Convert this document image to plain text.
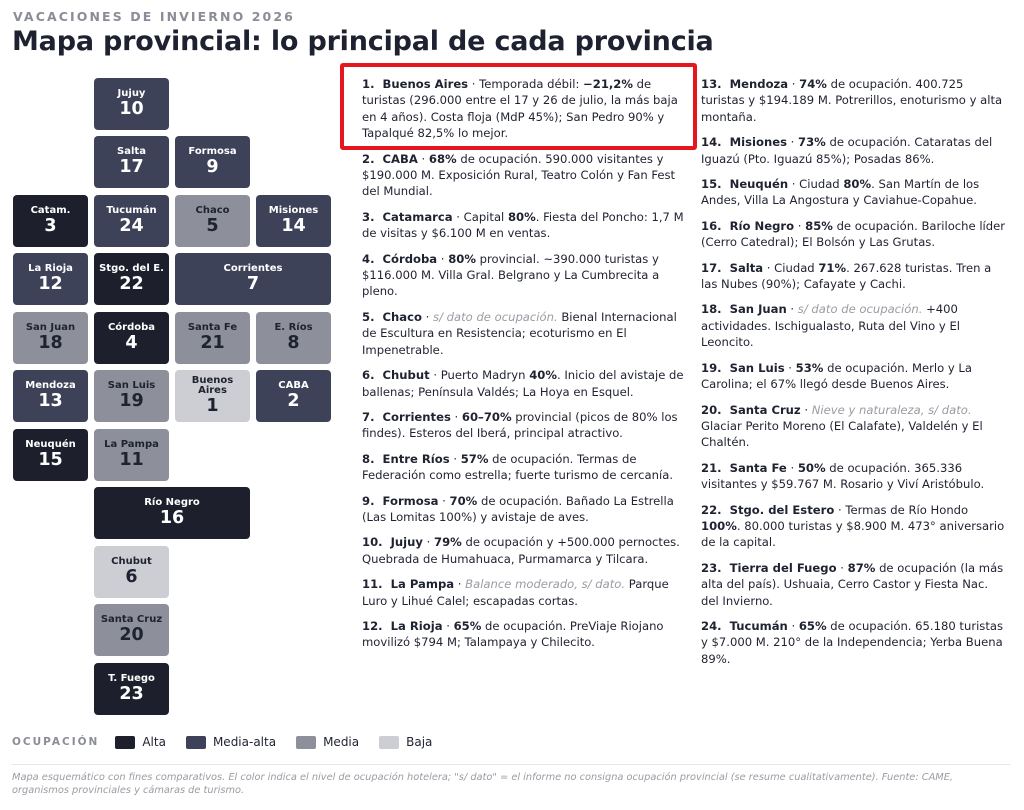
VACACIONES DE INVIERNO 2026
Mapa provincial: lo principal de cada provincia
Jujuy
10
Salta
17
Formosa
9
Catam.
3
Tucumán
24
Chaco
5
Misiones
14
La Rioja
12
Stgo. del E.
22
Corrientes
7
San Juan
18
Córdoba
4
Santa Fe
21
E. Ríos
8
Mendoza
13
San Luis
19
Buenos Aires
1
CABA
2
Neuquén
15
La Pampa
11
Río Negro
16
Chubut
6
Santa Cruz
20
T. Fuego
23
1.  Buenos Aires · Temporada débil: −21,2% de turistas (296.000 entre el 17 y 26 de julio, la más baja en 4 años). Costa floja (MdP 45%); San Pedro 90% y Tapalqué 82,5% lo mejor.
2.  CABA · 68% de ocupación. 590.000 visitantes y $190.000 M. Exposición Rural, Teatro Colón y Fan Fest del Mundial.
3.  Catamarca · Capital 80%. Fiesta del Poncho: 1,7 M de visitas y $6.100 M en ventas.
4.  Córdoba · 80% provincial. ~390.000 turistas y $116.000 M. Villa Gral. Belgrano y La Cumbrecita a pleno.
5.  Chaco · s/ dato de ocupación. Bienal Internacional de Escultura en Resistencia; ecoturismo en El Impenetrable.
6.  Chubut · Puerto Madryn 40%. Inicio del avistaje de ballenas; Península Valdés; La Hoya en Esquel.
7.  Corrientes · 60–70% provincial (picos de 80% los findes). Esteros del Iberá, principal atractivo.
8.  Entre Ríos · 57% de ocupación. Termas de Federación como estrella; fuerte turismo de cercanía.
9.  Formosa · 70% de ocupación. Bañado La Estrella (Las Lomitas 100%) y avistaje de aves.
10.  Jujuy · 79% de ocupación y +500.000 pernoctes. Quebrada de Humahuaca, Purmamarca y Tilcara.
11.  La Pampa · Balance moderado, s/ dato. Parque Luro y Lihué Calel; escapadas cortas.
12.  La Rioja · 65% de ocupación. PreViaje Riojano movilizó $794 M; Talampaya y Chilecito.
13.  Mendoza · 74% de ocupación. 400.725 turistas y $194.189 M. Potrerillos, enoturismo y alta montaña.
14.  Misiones · 73% de ocupación. Cataratas del Iguazú (Pto. Iguazú 85%); Posadas 86%.
15.  Neuquén · Ciudad 80%. San Martín de los Andes, Villa La Angostura y Caviahue-Copahue.
16.  Río Negro · 85% de ocupación. Bariloche líder (Cerro Catedral); El Bolsón y Las Grutas.
17.  Salta · Ciudad 71%. 267.628 turistas. Tren a las Nubes (90%); Cafayate y Cachi.
18.  San Juan · s/ dato de ocupación. +400 actividades. Ischigualasto, Ruta del Vino y El Leoncito.
19.  San Luis · 53% de ocupación. Merlo y La Carolina; el 67% llegó desde Buenos Aires.
20.  Santa Cruz · Nieve y naturaleza, s/ dato. Glaciar Perito Moreno (El Calafate), Valdelén y El Chaltén.
21.  Santa Fe · 50% de ocupación. 365.336 visitantes y $59.767 M. Rosario y Viví Aristóbulo.
22.  Stgo. del Estero · Termas de Río Hondo 100%. 80.000 turistas y $8.900 M. 473° aniversario de la capital.
23.  Tierra del Fuego · 87% de ocupación (la más alta del país). Ushuaia, Cerro Castor y Fiesta Nac. del Invierno.
24.  Tucumán · 65% de ocupación. 65.180 turistas y $7.000 M. 210° de la Independencia; Yerba Buena 89%.
OCUPACIÓN	Alta	Media-alta	Media	Baja
Mapa esquemático con fines comparativos. El color indica el nivel de ocupación hotelera; "s/ dato" = el informe no consigna ocupación provincial (se resume cualitativamente). Fuente: CAME, organismos provinciales y cámaras de turismo.
